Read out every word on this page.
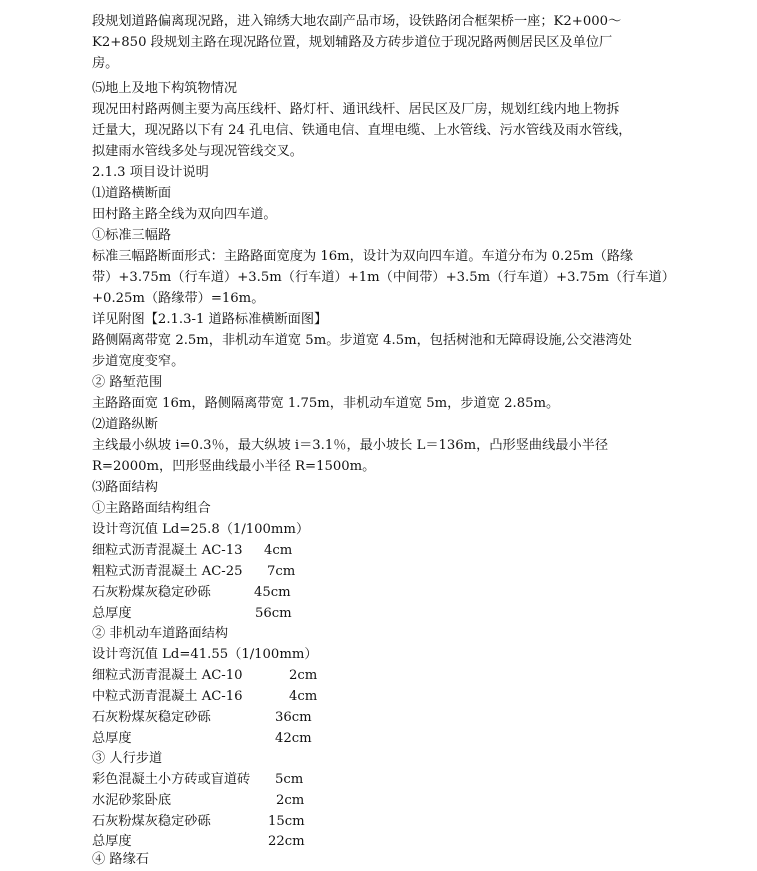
段规划道路偏离现况路，进入锦绣大地农副产品市场，设铁路闭合框架桥一座；K2+000～
K2+850 段规划主路在现况路位置，规划辅路及方砖步道位于现况路两侧居民区及单位厂
房。
⑸地上及地下构筑物情况
现况田村路两侧主要为高压线杆、路灯杆、通讯线杆、居民区及厂房，规划红线内地上物拆
迁量大，现况路以下有 24 孔电信、铁通电信、直埋电缆、上水管线、污水管线及雨水管线，
拟建雨水管线多处与现况管线交叉。
2.1.3 项目设计说明
⑴道路横断面
田村路主路全线为双向四车道。
①标准三幅路
标准三幅路断面形式：主路路面宽度为 16m，设计为双向四车道。车道分布为 0.25m（路缘
带）+3.75m（行车道）+3.5m（行车道）+1m（中间带）+3.5m（行车道）+3.75m（行车道）
+0.25m（路缘带）=16m。
详见附图【2.1.3-1 道路标准横断面图】
路侧隔离带宽 2.5m，非机动车道宽 5m。步道宽 4.5m，包括树池和无障碍设施,公交港湾处
步道宽度变窄。
② 路堑范围
主路路面宽 16m，路侧隔离带宽 1.75m，非机动车道宽 5m，步道宽 2.85m。
⑵道路纵断
主线最小纵坡 i=0.3％，最大纵坡 i＝3.1％，最小坡长 L＝136m，凸形竖曲线最小半径
R=2000m，凹形竖曲线最小半径 R=1500m。
⑶路面结构
①主路路面结构组合
设计弯沉值 Ld=25.8（1/100mm）
细粒式沥青混凝土 AC-13 4cm
粗粒式沥青混凝土 AC-25 7cm
石灰粉煤灰稳定砂砾	45cm
总厚度	56cm
② 非机动车道路面结构
设计弯沉值 Ld=41.55（1/100mm）
细粒式沥青混凝土 AC-10	2cm
中粒式沥青混凝土 AC-16	4cm
石灰粉煤灰稳定砂砾	36cm
总厚度	42cm
③ 人行步道
彩色混凝土小方砖或盲道砖 5cm
水泥砂浆卧底	2cm
石灰粉煤灰稳定砂砾	15cm
总厚度	22cm
④ 路缘石
